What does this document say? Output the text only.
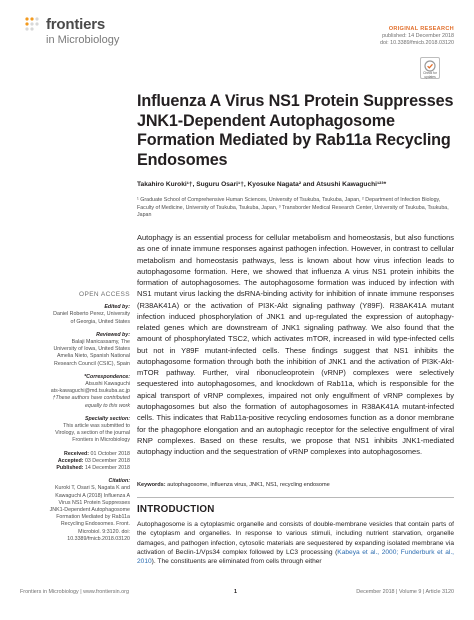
frontiers
in Microbiology
ORIGINAL RESEARCH
published: 14 December 2018
doi: 10.3389/fmicb.2018.03120
Check for updates
Influenza A Virus NS1 Protein Suppresses JNK1-Dependent Autophagosome Formation Mediated by Rab11a Recycling Endosomes
Takahiro Kuroki¹†, Suguru Osari¹†, Kyosuke Nagata² and Atsushi Kawaguchi¹²³*
¹ Graduate School of Comprehensive Human Sciences, University of Tsukuba, Tsukuba, Japan, ² Department of Infection Biology, Faculty of Medicine, University of Tsukuba, Tsukuba, Japan, ³ Transborder Medical Research Center, University of Tsukuba, Tsukuba, Japan

Autophagy is an essential process for cellular metabolism and homeostasis, but also functions as one of innate immune responses against pathogen infection. However, in contrast to cellular metabolism and homeostasis pathways, less is known about how virus infection leads to autophagosome formation. Here, we showed that influenza A virus NS1 protein inhibits the formation of autophagosomes. The autophagosome formation was induced by infection with NS1 mutant virus lacking the dsRNA-binding activity for inhibition of innate immune responses (R38AK41A) or the activation of PI3K-Akt signaling pathway (Y89F). R38AK41A mutant infection induced phosphorylation of JNK1 and up-regulated the expression of autophagy-related genes which are downstream of JNK1 signaling pathway. We also found that the amount of phosphorylated TSC2, which activates mTOR, increased in wild type-infected cells but not in Y89F mutant-infected cells. These findings suggest that NS1 inhibits the autophagosome formation through both the inhibition of JNK1 and the activation of PI3K-Akt-mTOR pathway. Further, viral ribonucleoprotein (vRNP) complexes were selectively sequestered into autophagosomes, and knockdown of Rab11a, which is responsible for the apical transport of vRNP complexes, impaired not only engulfment of vRNP complexes by autophagosomes but also the formation of autophagosomes in R38AK41A mutant-infected cells. This indicates that Rab11a-positive recycling endosomes function as a donor membrane for the phagophore elongation and an autophagic receptor for the selective engulfment of viral RNP complexes. Based on these results, we propose that NS1 inhibits JNK1-mediated autophagy induction and the sequestration of vRNP complexes into autophagosomes.

Keywords: autophagosome, influenza virus, JNK1, NS1, recycling endosome
OPEN ACCESS
Edited by:
Daniel Roberto Perez, University of Georgia, United States
Reviewed by:
Balaji Manicassamy, The University of Iowa, United States
Amelia Nieto, Spanish National Research Council (CSIC), Spain
*Correspondence:
Atsushi Kawaguchi
ats-kawaguchi@md.tsukuba.ac.jp
†These authors have contributed equally to this work
Specialty section:
This article was submitted to Virology, a section of the journal Frontiers in Microbiology
Received: 01 October 2018
Accepted: 03 December 2018
Published: 14 December 2018
Citation:
Kuroki T, Osari S, Nagata K and Kawaguchi A (2018) Influenza A Virus NS1 Protein Suppresses JNK1-Dependent Autophagosome Formation Mediated by Rab11a Recycling Endosomes. Front. Microbiol. 9:3120. doi: 10.3389/fmicb.2018.03120
INTRODUCTION

Autophagosome is a cytoplasmic organelle and consists of double-membrane vesicles that contain parts of the cytoplasm and organelles. In response to various stimuli, including nutrient starvation, organelle damages, and pathogen infection, cytosolic materials are sequestered by expanding isolated membrane via activation of Beclin-1/Vps34 complex followed by LC3 processing (Kabeya et al., 2000; Funderburk et al., 2010). The constituents are eliminated from cells through either

Frontiers in Microbiology | www.frontiersin.org	1	December 2018 | Volume 9 | Article 3120
